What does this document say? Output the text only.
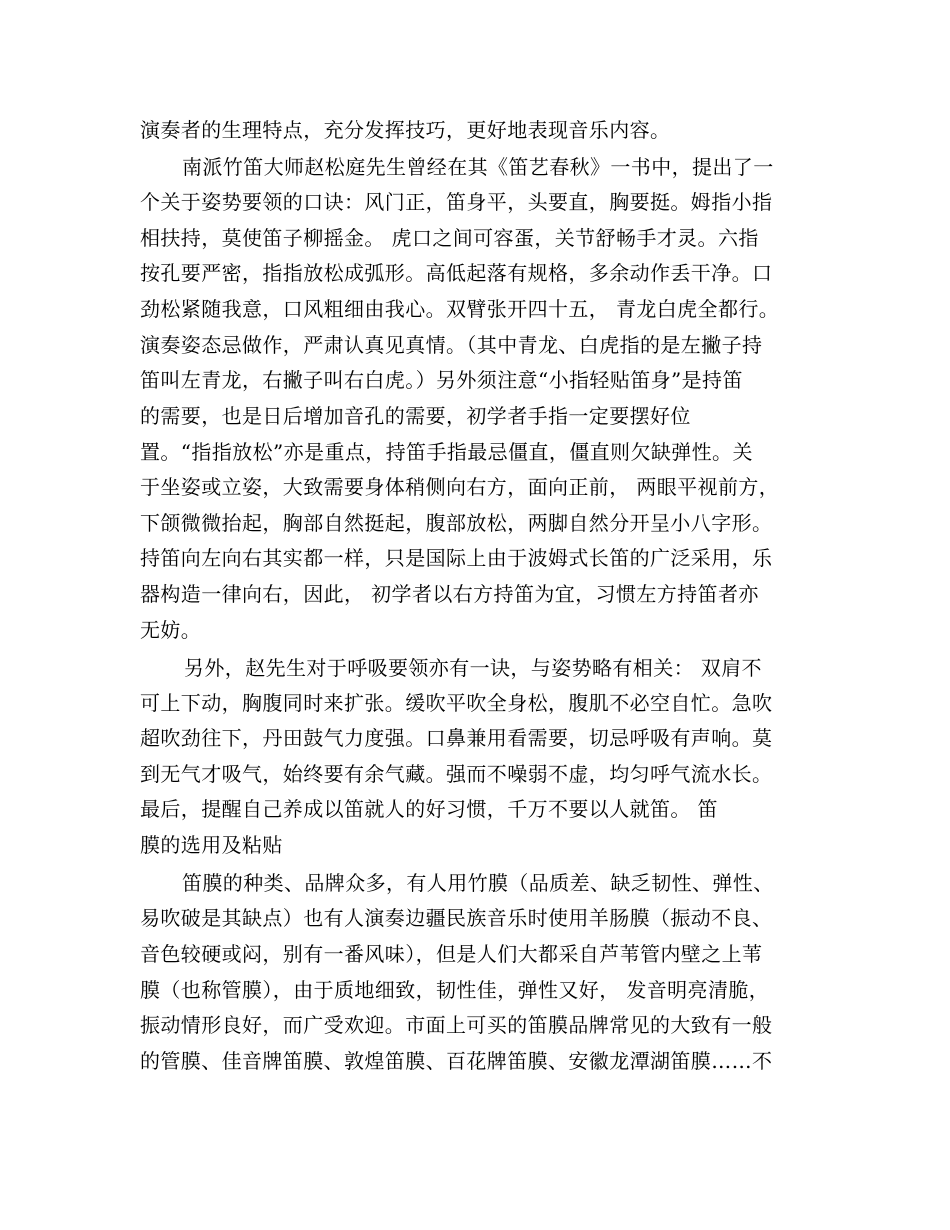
演奏者的生理特点，充分发挥技巧，更好地表现音乐内容。
南派竹笛大师赵松庭先生曾经在其《笛艺春秋》一书中，提出了一
个关于姿势要领的口诀：风门正，笛身平，头要直，胸要挺。姆指小指
相扶持，莫使笛子柳摇金。 虎口之间可容蛋，关节舒畅手才灵。六指
按孔要严密，指指放松成弧形。高低起落有规格，多余动作丢干净。口
劲松紧随我意，口风粗细由我心。双臂张开四十五， 青龙白虎全都行。
演奏姿态忌做作，严肃认真见真情。（其中青龙、白虎指的是左撇子持
笛叫左青龙，右撇子叫右白虎。）另外须注意“小指轻贴笛身”是持笛
的需要，也是日后增加音孔的需要，初学者手指一定要摆好位
置。“指指放松”亦是重点，持笛手指最忌僵直，僵直则欠缺弹性。关
于坐姿或立姿，大致需要身体稍侧向右方，面向正前， 两眼平视前方，
下颌微微抬起，胸部自然挺起，腹部放松，两脚自然分开呈小八字形。
持笛向左向右其实都一样，只是国际上由于波姆式长笛的广泛采用，乐
器构造一律向右，因此， 初学者以右方持笛为宜，习惯左方持笛者亦
无妨。
另外，赵先生对于呼吸要领亦有一诀，与姿势略有相关： 双肩不
可上下动，胸腹同时来扩张。缓吹平吹全身松，腹肌不必空自忙。急吹
超吹劲往下，丹田鼓气力度强。口鼻兼用看需要，切忌呼吸有声响。莫
到无气才吸气，始终要有余气藏。强而不噪弱不虚，均匀呼气流水长。
最后，提醒自己养成以笛就人的好习惯，千万不要以人就笛。 笛
膜的选用及粘贴
笛膜的种类、品牌众多，有人用竹膜（品质差、缺乏韧性、弹性、
易吹破是其缺点）也有人演奏边疆民族音乐时使用羊肠膜（振动不良、
音色较硬或闷，别有一番风味），但是人们大都采自芦苇管内壁之上苇
膜（也称管膜），由于质地细致，韧性佳，弹性又好， 发音明亮清脆，
振动情形良好，而广受欢迎。市面上可买的笛膜品牌常见的大致有一般
的管膜、佳音牌笛膜、敦煌笛膜、百花牌笛膜、安徽龙潭湖笛膜……不
